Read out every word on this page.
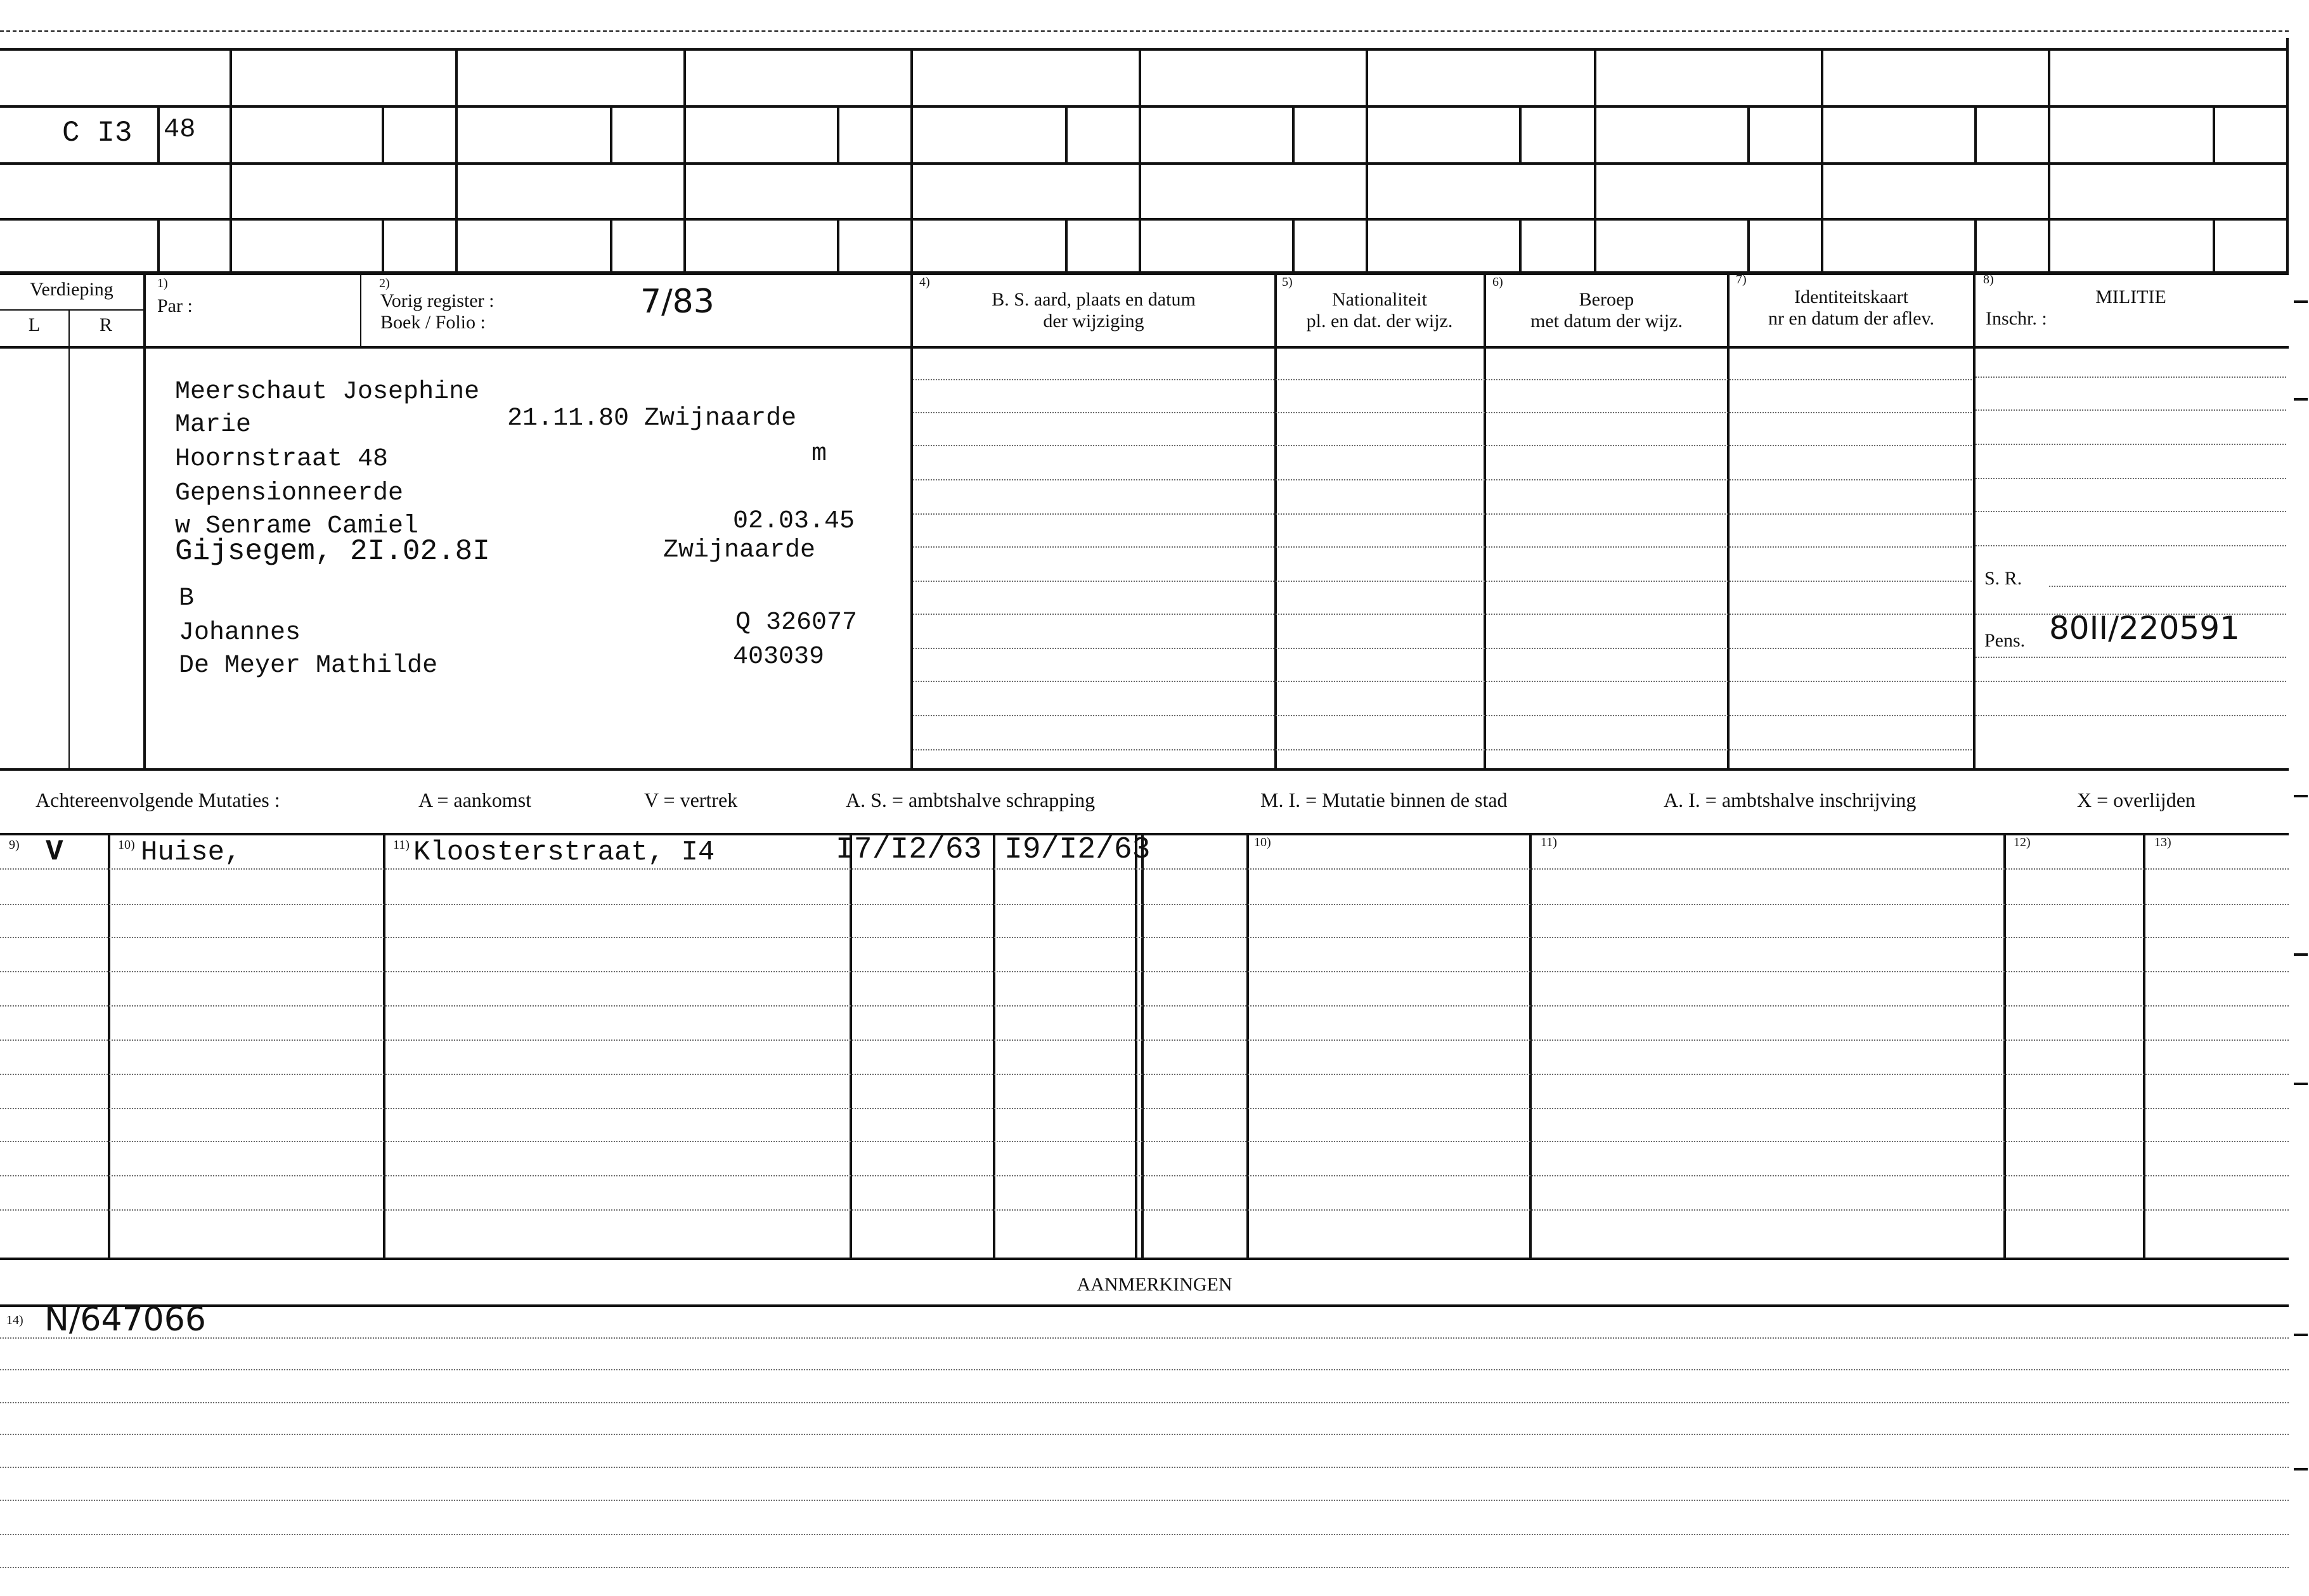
C I3 48
Verdieping
L	R
1)
Par :
2)
Vorig register :
Boek / Folio :
7/83
4)
B. S. aard, plaats en datum
der wijziging
5)
Nationaliteit
pl. en dat. der wijz.
6)
Beroep
met datum der wijz.
7)
Identiteitskaart
nr en datum der aflev.
8)
MILITIE
Inschr. :
S. R.
Pens. 80II/220591
Meerschaut Josephine
Marie	21.11.80 Zwijnaarde
Hoornstraat 48	m
Gepensionneerde
w Senrame Camiel	02.03.45
Gijsegem, 2I.02.8I	Zwijnaarde
B
Johannes	Q 326077
De Meyer Mathilde	403039
Achtereenvolgende Mutaties :	A = aankomst	V = vertrek	A. S. = ambtshalve schrapping	M. I. = Mutatie binnen de stad	A. I. = ambtshalve inschrijving	X = overlijden
9)	10)	11)	10)	11)	12)	13)
V	Huise,	Kloosterstraat, I4	I7/I2/63 I9/I2/63
AANMERKINGEN
14) N/647066
